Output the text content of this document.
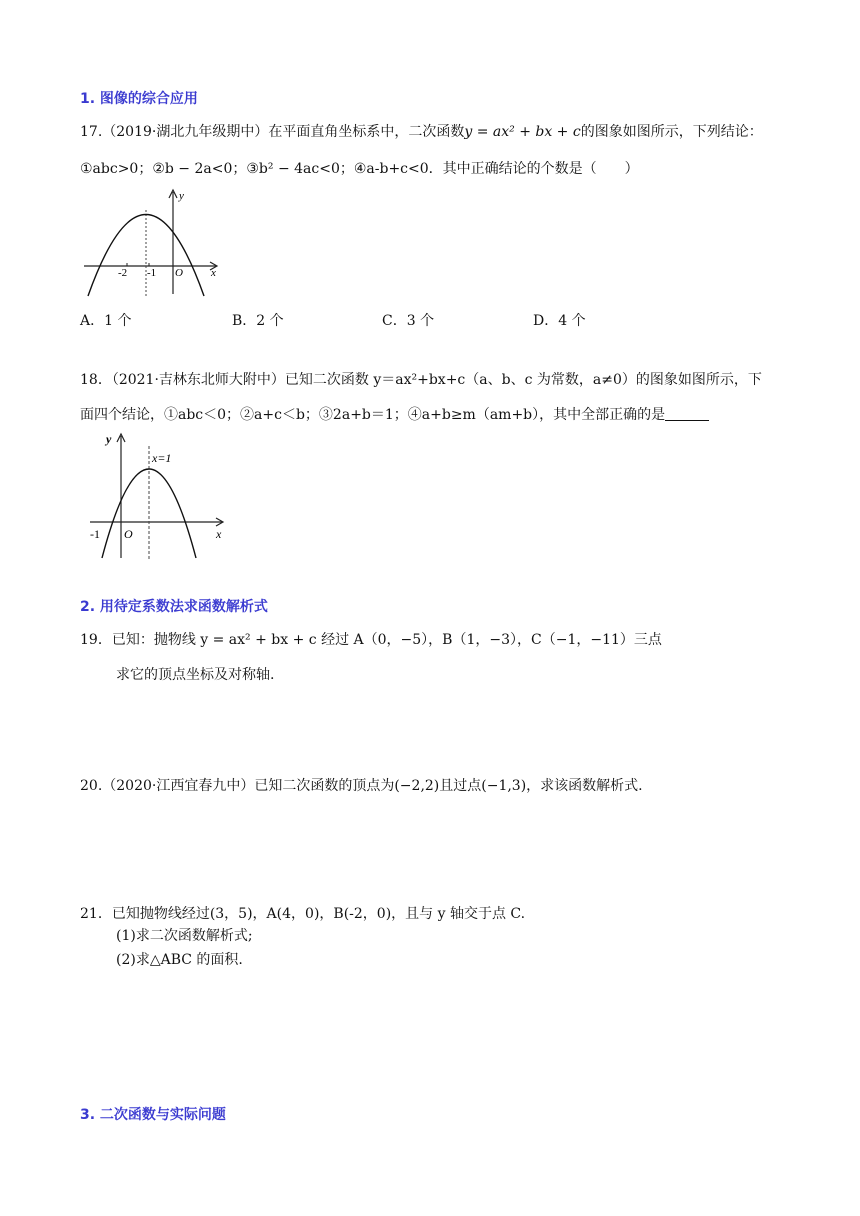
1. 图像的综合应用
17.（2019·湖北九年级期中）在平面直角坐标系中，二次函数y = ax² + bx + c的图象如图所示，下列结论：
①abc>0；②b − 2a<0；③b² − 4ac<0；④a-b+c<0．其中正确结论的个数是（　　）
-2 -1 O	x
y
A．1 个	B．2 个	C．3 个	D．4 个
18．（2021·吉林东北师大附中）已知二次函数 y＝ax²+bx+c（a、b、c 为常数，a≠0）的图象如图所示，下
面四个结论，①abc＜0；②a+c＜b；③2a+b＝1；④a+b≥m（am+b），其中全部正确的是
x=1
-1 O	x
y
2. 用待定系数法求函数解析式
19．已知：抛物线 y = ax² + bx + c 经过 A（0，−5），B（1，−3），C（−1，−11）三点
求它的顶点坐标及对称轴.
20.（2020·江西宜春九中）已知二次函数的顶点为(−2,2)且过点(−1,3)，求该函数解析式.
21．已知抛物线经过(3，5)，A(4，0)，B(-2，0)，且与 y 轴交于点 C.
(1)求二次函数解析式;
(2)求△ABC 的面积.
3. 二次函数与实际问题
